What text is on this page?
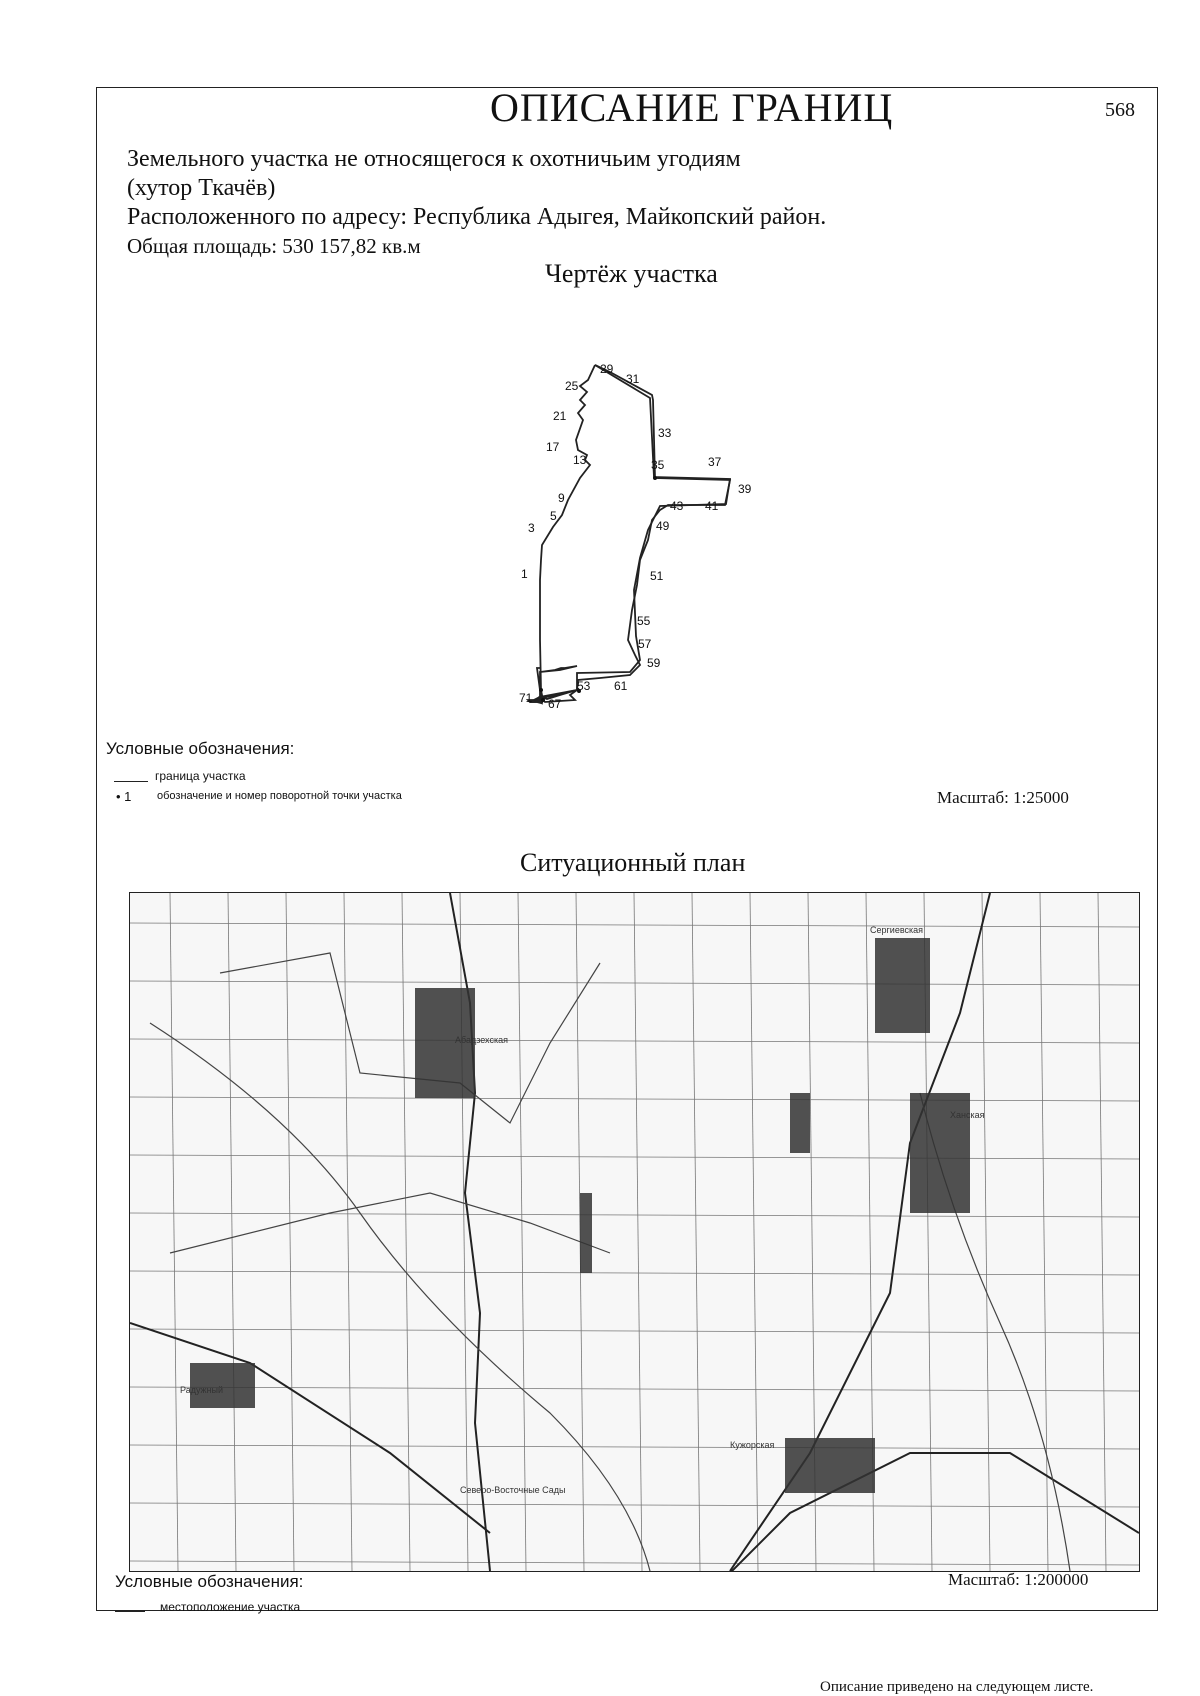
ОПИСАНИЕ ГРАНИЦ	568
Земельного участка не относящегося к охотничьим угодиям
(хутор Ткачёв)
Расположенного по адресу: Республика Адыгея, Майкопский район.
Общая площадь: 530 157,82 кв.м
Чертёж участка
29
31
25
21
33
17
13	35	37
9
39
43 41
5
3	49
1	51
55
57
59
53 61
71 67
Условные обозначения:
граница участка
• 1 обозначение и номер поворотной точки участка	Масштаб: 1:25000
Ситуационный план
Кужорская
Сергиевская
Абадзехская
Ханская
Радужный
Северо-Восточные Сады
Условные обозначения:
местоположение участка
Масштаб: 1:200000
Описание приведено на следующем листе.
